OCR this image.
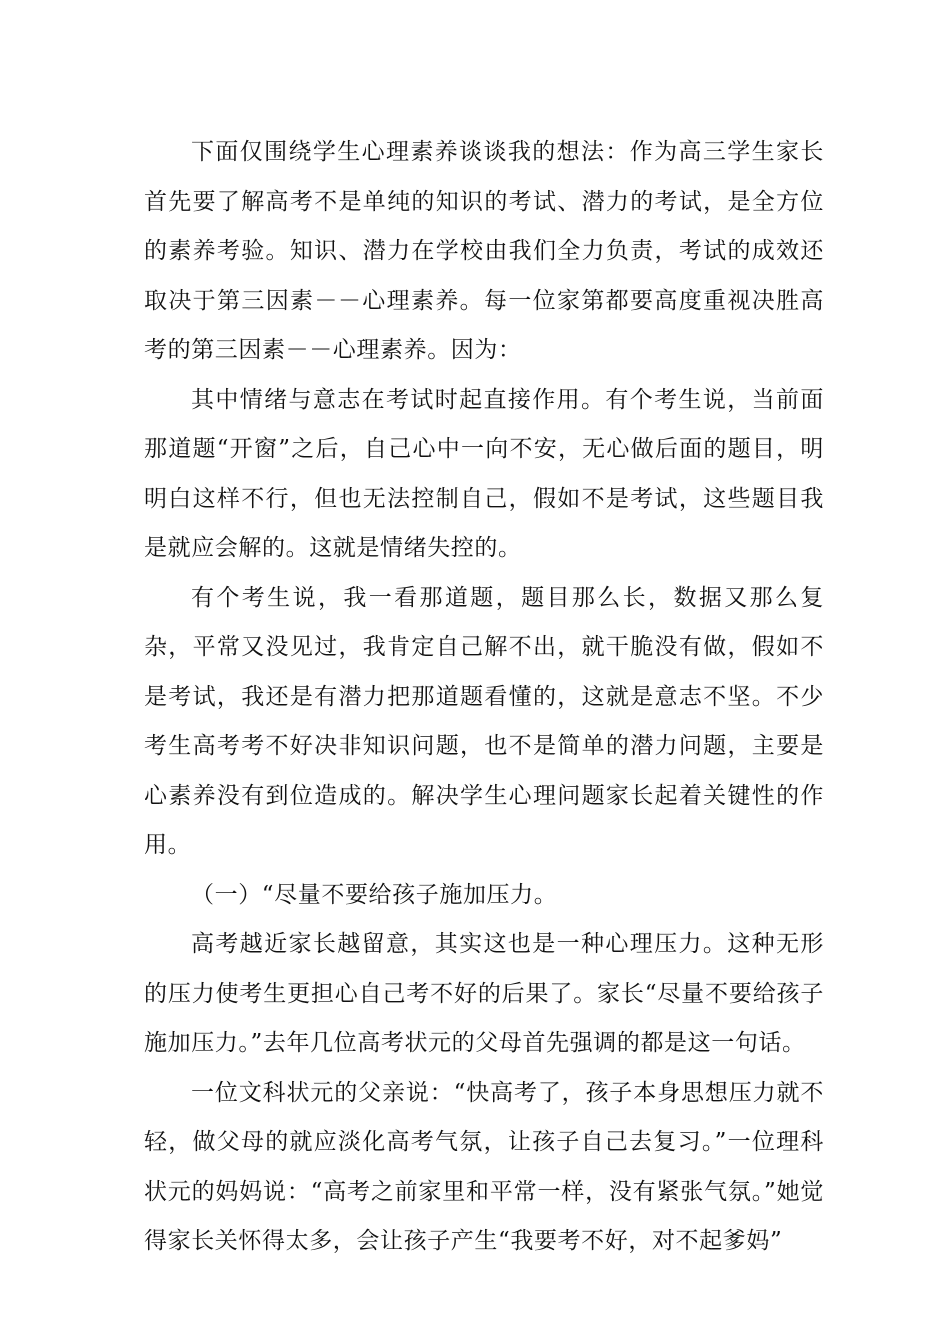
下面仅围绕学生心理素养谈谈我的想法：作为高三学生家长首先要了解高考不是单纯的知识的考试、潜力的考试，是全方位的素养考验。知识、潜力在学校由我们全力负责，考试的成效还取决于第三因素－－心理素养。每一位家第都要高度重视决胜高考的第三因素－－心理素养。因为：

其中情绪与意志在考试时起直接作用。有个考生说，当前面那道题“开窗”之后，自己心中一向不安，无心做后面的题目，明明白这样不行，但也无法控制自己，假如不是考试，这些题目我是就应会解的。这就是情绪失控的。

有个考生说，我一看那道题，题目那么长，数据又那么复杂，平常又没见过，我肯定自己解不出，就干脆没有做，假如不是考试，我还是有潜力把那道题看懂的，这就是意志不坚。不少考生高考考不好决非知识问题，也不是简单的潜力问题，主要是心素养没有到位造成的。解决学生心理问题家长起着关键性的作用。

（一）“尽量不要给孩子施加压力。

高考越近家长越留意，其实这也是一种心理压力。这种无形的压力使考生更担心自己考不好的后果了。家长“尽量不要给孩子施加压力。”去年几位高考状元的父母首先强调的都是这一句话。

一位文科状元的父亲说：“快高考了，孩子本身思想压力就不轻，做父母的就应淡化高考气氛，让孩子自己去复习。”一位理科状元的妈妈说：“高考之前家里和平常一样，没有紧张气氛。”她觉得家长关怀得太多，会让孩子产生“我要考不好，对不起爹妈”
